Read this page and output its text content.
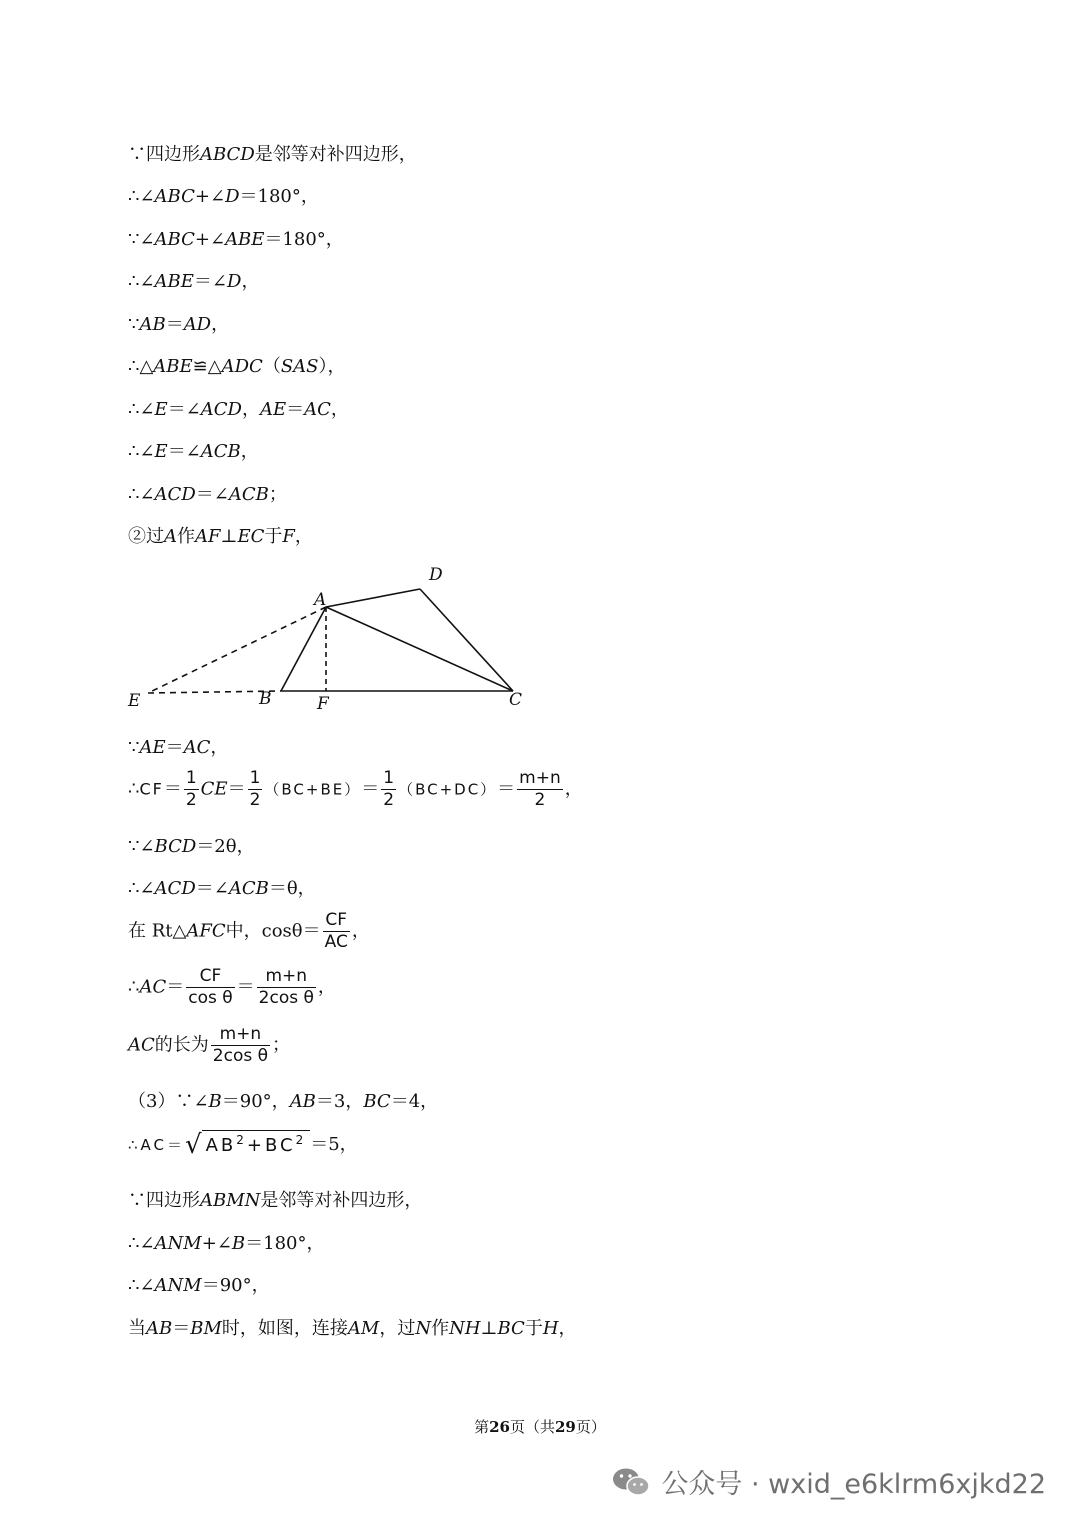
∵四边形ABCD是邻等对补四边形，
∴∠ABC+∠D＝180°，
∵∠ABC+∠ABE＝180°，
∴∠ABE＝∠D，
∵AB＝AD，
∴△ABE≌△ADC（SAS），
∴∠E＝∠ACD，AE＝AC，
∴∠E＝∠ACB，
∴∠ACD＝∠ACB；
②过A作AF⊥EC于F，
∵AE＝AC，
∴CF＝ $\frac{1}{2} CE= \frac{1}{2} (BC+BE)= \frac{1}{2} (BC+DC)= \frac{m+n}{2}$ ，
∵∠BCD＝2θ，
∴∠ACD＝∠ACB＝θ，
在 Rt△AFC中，$\cos\theta= \frac{CF}{AC}$ ，
∴AC＝ $\frac{CF}{\text{cos θ}} = \frac{m+n}{\text{2cos θ}}$ ，
AC的长为 $\frac{m+n}{\text{2cos θ}}$ ；
（3）∵∠B＝90°，AB＝3，BC＝4，
∴AC＝√ $AB^2+BC^2 =5$，
∵四边形ABMN是邻等对补四边形，
∴∠ANM+∠B＝180°，
∴∠ANM＝90°，
当AB＝BM时，如图，连接AM，过N作NH⊥BC于H，
A
D
E	B	F	C
第26页（共29页）
公众号 · wxid_e6klrm6xjkd22
